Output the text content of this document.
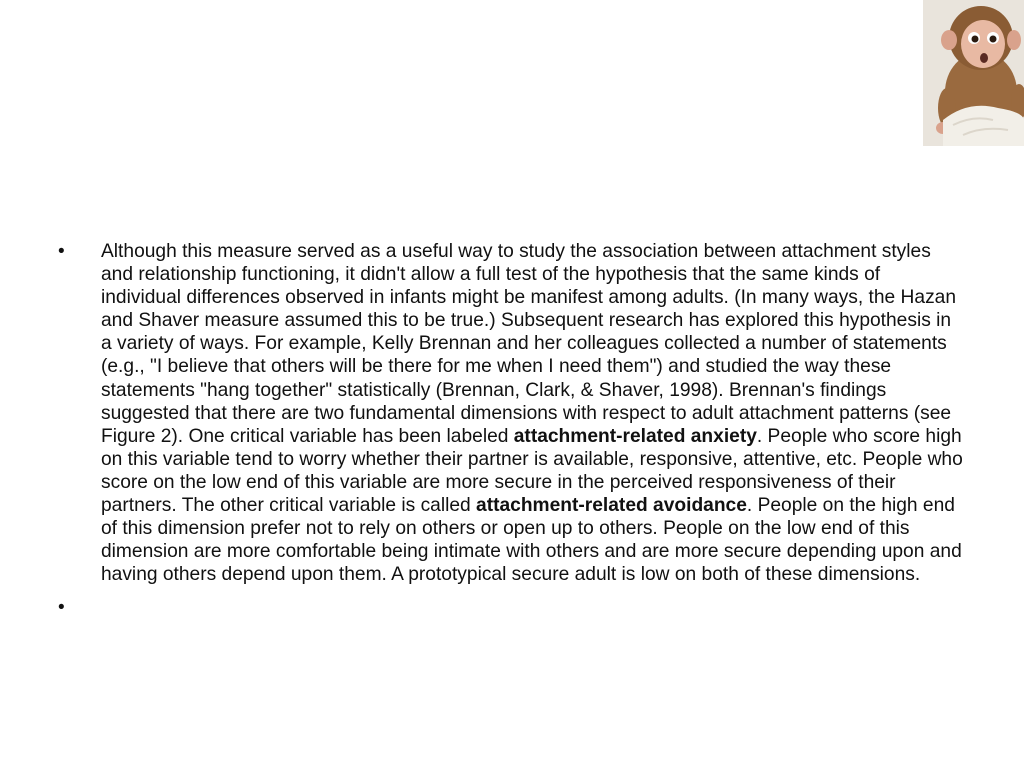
•	Although this measure served as a useful way to study the association between attachment styles and relationship functioning, it didn't allow a full test of the hypothesis that the same kinds of individual differences observed in infants might be manifest among adults. (In many ways, the Hazan and Shaver measure assumed this to be true.) Subsequent research has explored this hypothesis in a variety of ways. For example, Kelly Brennan and her colleagues collected a number of statements (e.g., "I believe that others will be there for me when I need them") and studied the way these statements "hang together" statistically (Brennan, Clark, & Shaver, 1998). Brennan's findings suggested that there are two fundamental dimensions with respect to adult attachment patterns (see Figure 2). One critical variable has been labeled attachment-related anxiety. People who score high on this variable tend to worry whether their partner is available, responsive, attentive, etc. People who score on the low end of this variable are more secure in the perceived responsiveness of their partners. The other critical variable is called attachment-related avoidance. People on the high end of this dimension prefer not to rely on others or open up to others. People on the low end of this dimension are more comfortable being intimate with others and are more secure depending upon and having others depend upon them. A prototypical secure adult is low on both of these dimensions.
•
